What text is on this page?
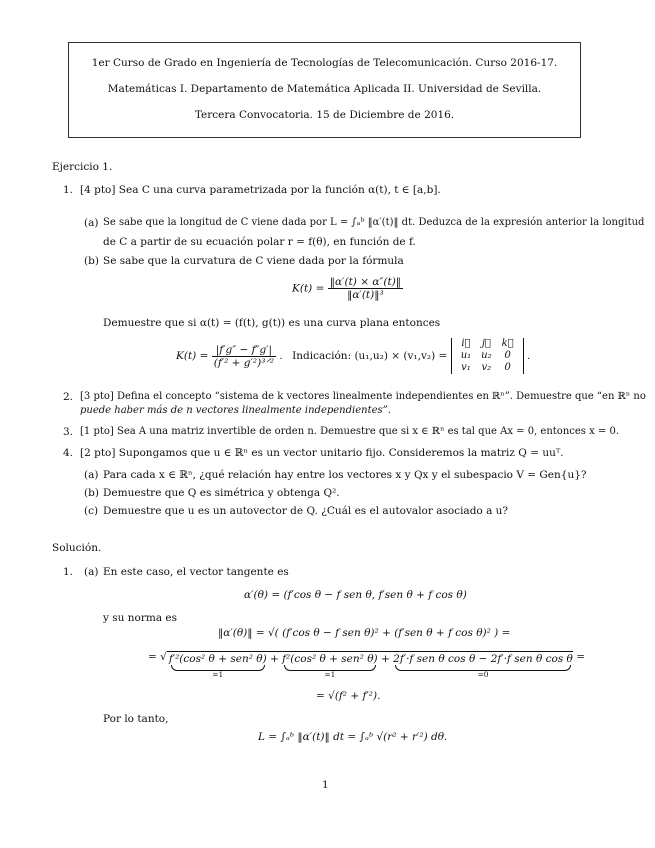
1er Curso de Grado en Ingeniería de Tecnologías de Telecomunicación. Curso 2016-17.
Matemáticas I. Departamento de Matemática Aplicada II. Universidad de Sevilla.
Tercera Convocatoria. 15 de Diciembre de 2016.
Ejercicio 1.
1. [4 pto] Sea C una curva parametrizada por la función α(t), t ∈ [a,b].
(a) Se sabe que la longitud de C viene dada por L = ∫ₐᵇ ‖α′(t)‖ dt. Deduzca de la expresión anterior la longitud
de C a partir de su ecuación polar r = f(θ), en función de f.
(b) Se sabe que la curvatura de C viene dada por la fórmula
$K(t) = \frac{‖\alpha'(t) \times \alpha''(t)‖}{\text{‖α′(t)‖³}}$
Demuestre que si α(t) = (f(t), g(t)) es una curva plana entonces
$K(t) = \frac{|f'g'' - f''g'|}{\text{(f′² + g′²)³ᐟ²}}$ . Indicación: (u₁,u₂) × (v₁,v₂) =
i⃗	j⃗	k⃗
u₁	u₂	0
v₁	v₂	0
.
2. [3 pto] Defina el concepto “sistema de k vectores linealmente independientes en ℝⁿ”. Demuestre que “en ℝⁿ no
puede haber más de n vectores linealmente independientes”.
3. [1 pto] Sea A una matriz invertible de orden n. Demuestre que si x ∈ ℝⁿ es tal que Ax = 0, entonces x = 0.
4. [2 pto] Supongamos que u ∈ ℝⁿ es un vector unitario fijo. Consideremos la matriz Q = uuᵀ.
(a) Para cada x ∈ ℝⁿ, ¿qué relación hay entre los vectores x y Qx y el subespacio V = Gen{u}?
(b) Demuestre que Q es simétrica y obtenga Q².
(c) Demuestre que u es un autovector de Q. ¿Cuál es el autovalor asociado a u?
Solución.
1. (a) En este caso, el vector tangente es
α′(θ) = (f′cos θ − f sen θ, f′sen θ + f cos θ)
y su norma es
‖α′(θ)‖ = √( (f′cos θ − f sen θ)² + (f′sen θ + f cos θ)² ) =
= √ f′²(cos² θ + sen² θ)
=1
+ f²(cos² θ + sen² θ)
=1
+ 2f′·f sen θ cos θ − 2f′·f sen θ cos θ
=0
=
= √(f² + f′²).
Por lo tanto,
L = ∫ₐᵇ ‖α′(t)‖ dt = ∫ₐᵇ √(r² + r′²) dθ.
1
